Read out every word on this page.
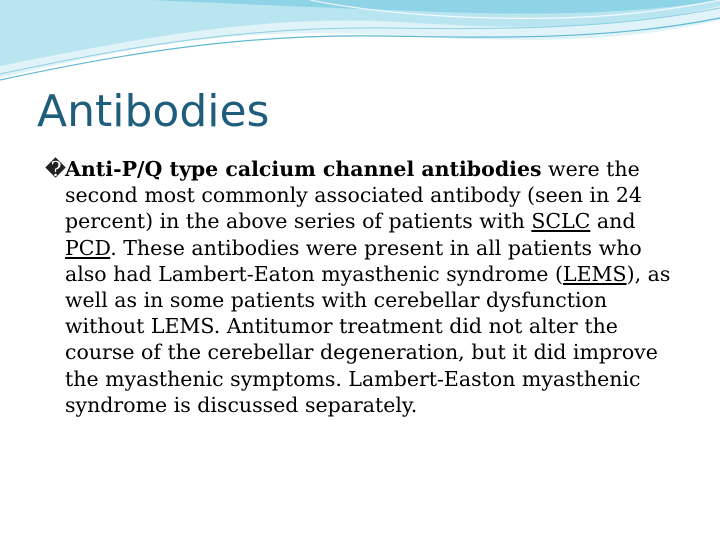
Antibodies

�Anti-P/Q type calcium channel antibodies were the second most commonly associated antibody (seen in 24 percent) in the above series of patients with SCLC and PCD. These antibodies were present in all patients who also had Lambert-Eaton myasthenic syndrome (LEMS), as well as in some patients with cerebellar dysfunction without LEMS. Antitumor treatment did not alter the course of the cerebellar degeneration, but it did improve the myasthenic symptoms. Lambert-Easton myasthenic syndrome is discussed separately.
